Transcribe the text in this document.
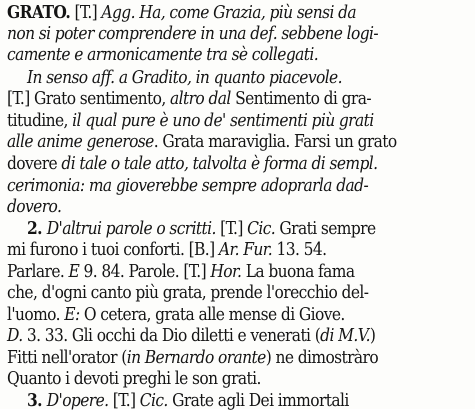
GRATO. [T.] Agg. Ha, come Grazia, più sensi da
non si poter comprendere in una def. sebbene logi-
camente e armonicamente tra sè collegati.
In senso aff. a Gradito, in quanto piacevole.
[T.] Grato sentimento, altro dal Sentimento di gra-
titudine, il qual pure è uno de' sentimenti più grati
alle anime generose. Grata maraviglia. Farsi un grato
dovere di tale o tale atto, talvolta è forma di sempl.
cerimonia: ma gioverebbe sempre adoprarla dad-
dovero.
2. D'altrui parole o scritti. [T.] Cic. Grati sempre
mi furono i tuoi conforti. [B.] Ar. Fur. 13. 54.
Parlare. E 9. 84. Parole. [T.] Hor. La buona fama
che, d'ogni canto più grata, prende l'orecchio del-
l'uomo. E: O cetera, grata alle mense di Giove.
D. 3. 33. Gli occhi da Dio diletti e venerati (di M.V.)
Fitti nell'orator (in Bernardo orante) ne dimostràro
Quanto i devoti preghi le son grati.
3. D'opere. [T.] Cic. Grate agli Dei immortali
